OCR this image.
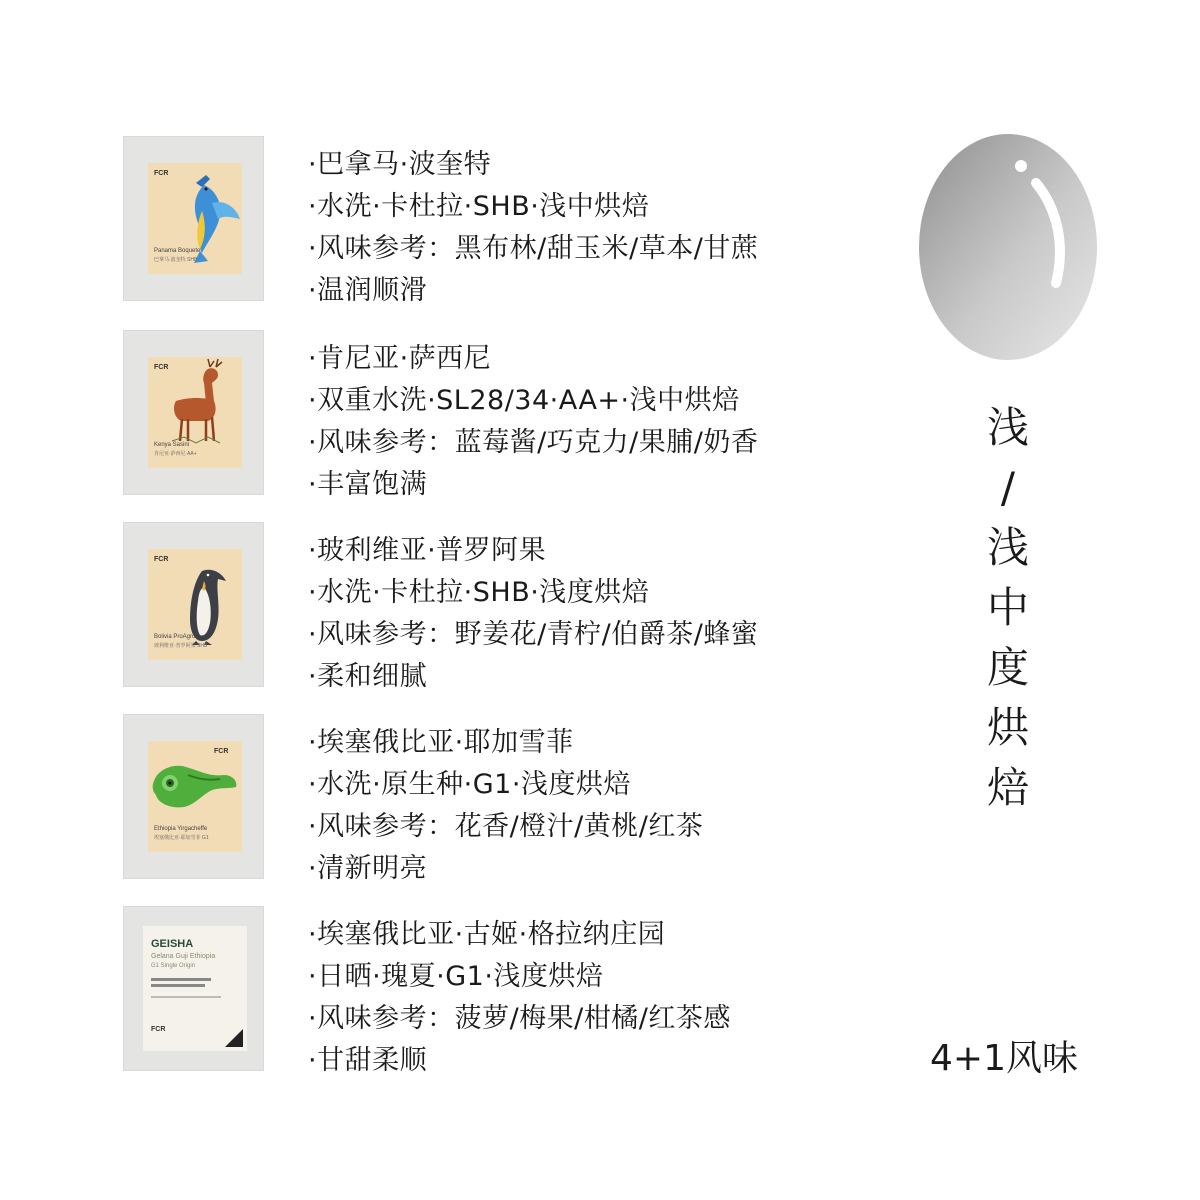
FCR
Panama Boquete
巴拿马·波奎特 SHB
·巴拿马·波奎特
·水洗·卡杜拉·SHB·浅中烘焙
·风味参考：黑布林/甜玉米/草本/甘蔗
·温润顺滑
FCR
Kenya Sasini
肯尼亚·萨西尼 AA+
·肯尼亚·萨西尼
·双重水洗·SL28/34·AA+·浅中烘焙
·风味参考：蓝莓酱/巧克力/果脯/奶香
·丰富饱满
FCR
Bolivia ProAgro
玻利维亚·普罗阿果 SHB
·玻利维亚·普罗阿果
·水洗·卡杜拉·SHB·浅度烘焙
·风味参考：野姜花/青柠/伯爵茶/蜂蜜
·柔和细腻
FCR
Ethiopia Yirgacheffe
埃塞俄比亚·耶加雪菲 G1
·埃塞俄比亚·耶加雪菲
·水洗·原生种·G1·浅度烘焙
·风味参考：花香/橙汁/黄桃/红茶
·清新明亮
GEISHA
Gelana Guji Ethiopia
G1 Single Origin
FCR
·埃塞俄比亚·古姬·格拉纳庄园
·日晒·瑰夏·G1·浅度烘焙
·风味参考：菠萝/梅果/柑橘/红茶感
·甘甜柔顺
浅
/
浅
中
度
烘
焙
4+1风味
